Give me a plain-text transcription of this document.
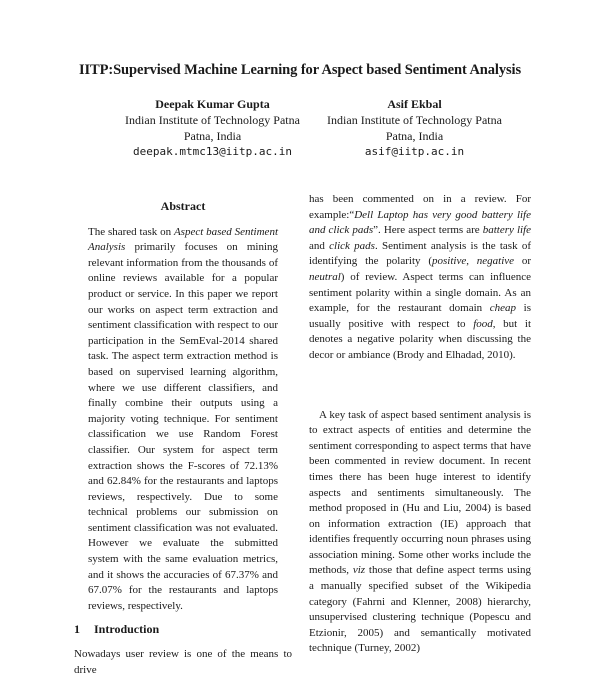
IITP:Supervised Machine Learning for Aspect based Sentiment Analysis
Deepak Kumar Gupta
Indian Institute of Technology Patna
Patna, India
deepak.mtmc13@iitp.ac.in
Asif Ekbal
Indian Institute of Technology Patna
Patna, India
asif@iitp.ac.in
Abstract

The shared task on Aspect based Sentiment Analysis primarily focuses on mining relevant information from the thousands of online reviews available for a popular product or service. In this paper we report our works on aspect term extraction and sentiment classification with respect to our participation in the SemEval-2014 shared task. The aspect term extraction method is based on supervised learning algorithm, where we use different classifiers, and finally combine their outputs using a majority voting technique. For sentiment classification we use Random Forest classifier. Our system for aspect term extraction shows the F-scores of 72.13% and 62.84% for the restaurants and laptops reviews, respectively. Due to some technical problems our submission on sentiment classification was not evaluated. However we evaluate the submitted system with the same evaluation metrics, and it shows the accuracies of 67.37% and 67.07% for the restaurants and laptops reviews, respectively.

1 Introduction

Nowadays user review is one of the means to drive

has been commented on in a review. For example:“Dell Laptop has very good battery life and click pads”. Here aspect terms are battery life and click pads. Sentiment analysis is the task of identifying the polarity (positive, negative or neutral) of review. Aspect terms can influence sentiment polarity within a single domain. As an example, for the restaurant domain cheap is usually positive with respect to food, but it denotes a negative polarity when discussing the decor or ambiance (Brody and Elhadad, 2010).

A key task of aspect based sentiment analysis is to extract aspects of entities and determine the sentiment corresponding to aspect terms that have been commented in review document. In recent times there has been huge interest to identify aspects and sentiments simultaneously. The method proposed in (Hu and Liu, 2004) is based on information extraction (IE) approach that identifies frequently occurring noun phrases using association mining. Some other works include the methods, viz those that define aspect terms using a manually specified subset of the Wikipedia category (Fahrni and Klenner, 2008) hierarchy, unsupervised clustering technique (Popescu and Etzionir, 2005) and semantically motivated technique (Turney, 2002)
